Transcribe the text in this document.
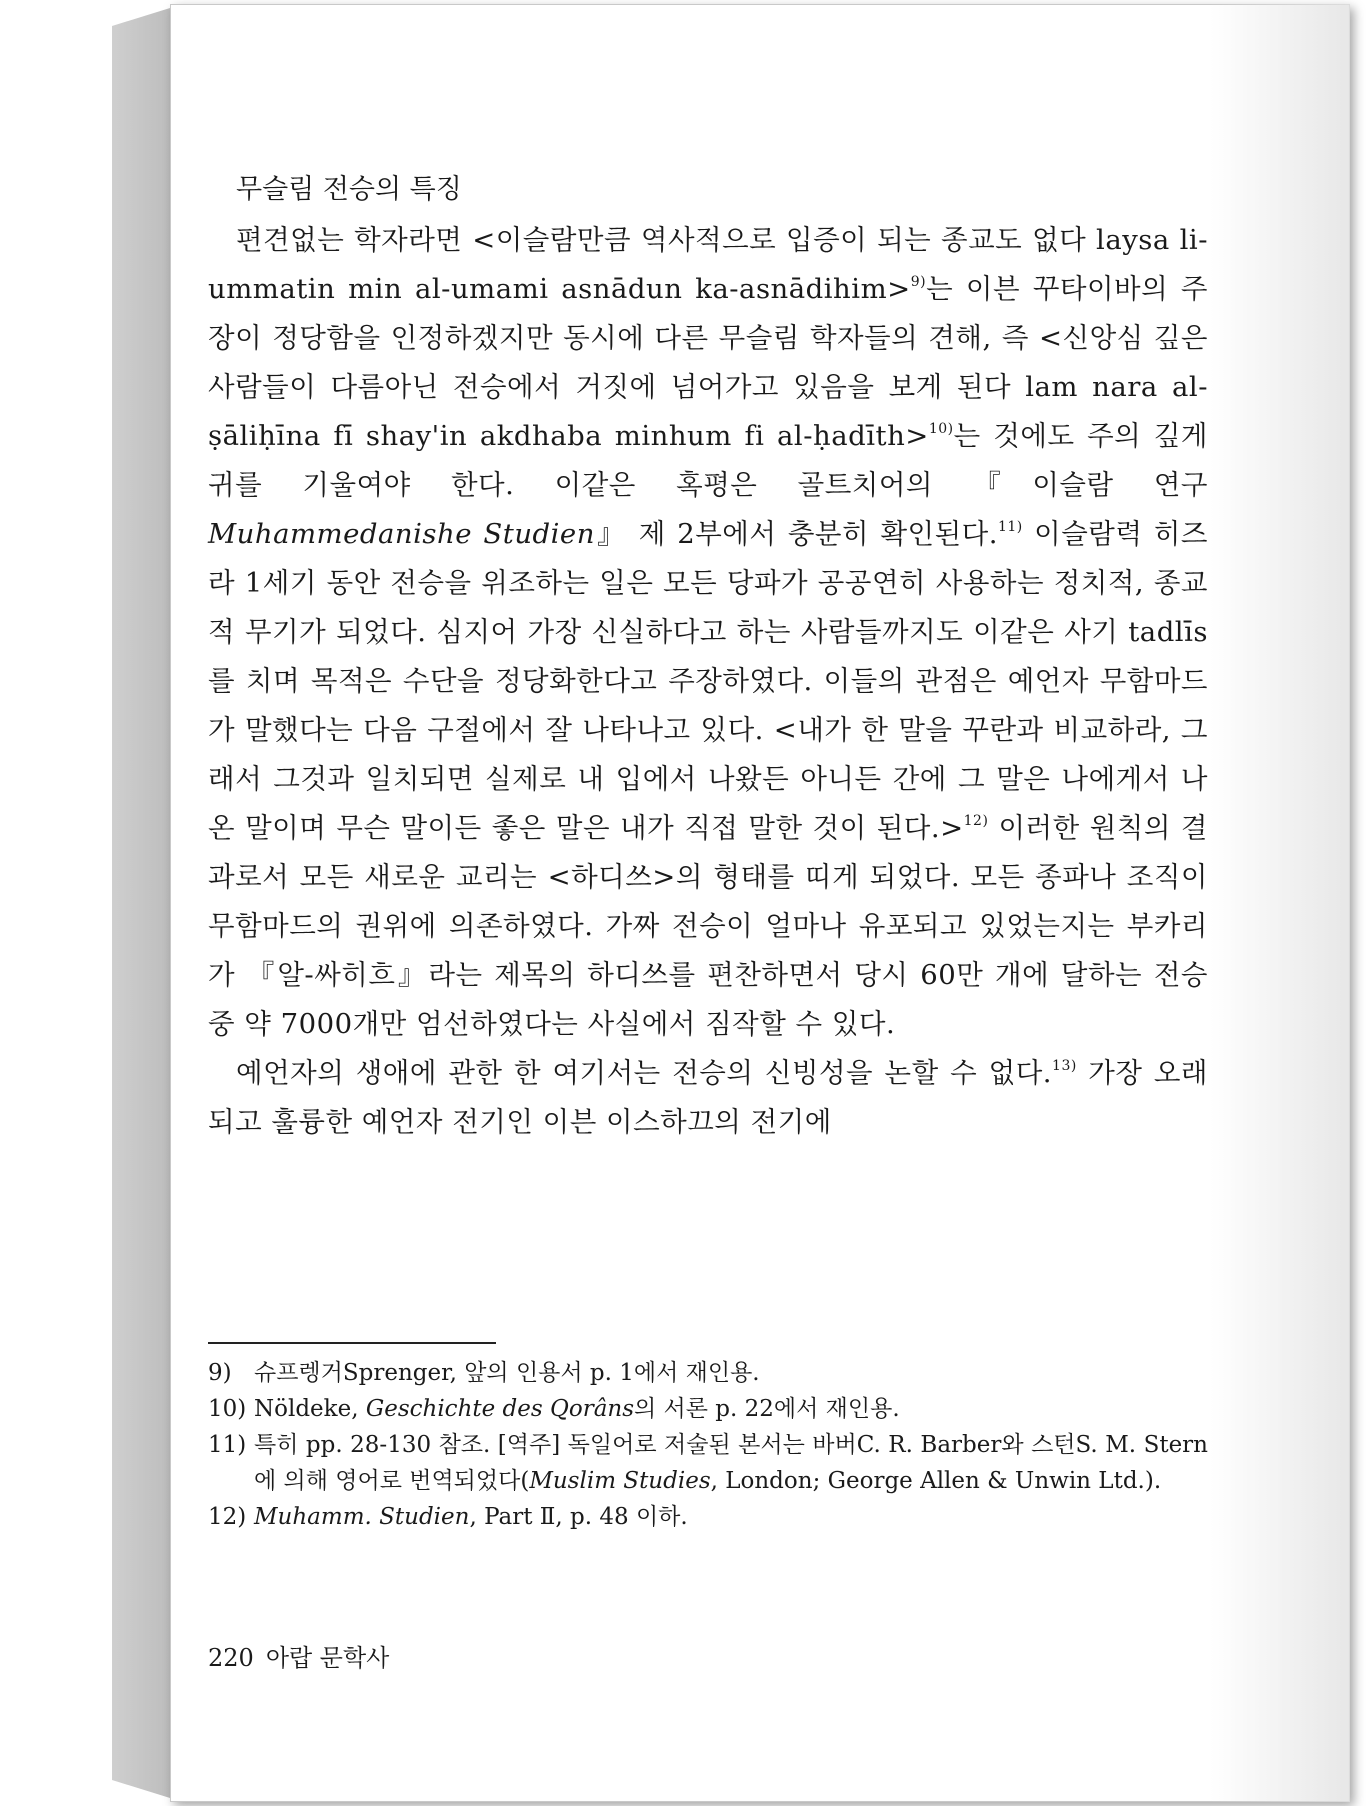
무슬림 전승의 특징

편견없는 학자라면 <이슬람만큼 역사적으로 입증이 되는 종교도 없다 laysa li-ummatin min al-umami asnādun ka-asnādihim>$^{9)}$는 이븐 꾸타이바의 주장이 정당함을 인정하겠지만 동시에 다른 무슬림 학자들의 견해, 즉 <신앙심 깊은 사람들이 다름아닌 전승에서 거짓에 넘어가고 있음을 보게 된다 lam nara al-ṣāliḥīna fī shay'in akdhaba minhum fi al-ḥadīth>$^{10)}$는 것에도 주의 깊게 귀를 기울여야 한다. 이같은 혹평은 골트치어의 『이슬람 연구 Muhammedanishe Studien』 제 2부에서 충분히 확인된다.$^{11)}$ 이슬람력 히즈라 1세기 동안 전승을 위조하는 일은 모든 당파가 공공연히 사용하는 정치적, 종교적 무기가 되었다. 심지어 가장 신실하다고 하는 사람들까지도 이같은 사기 tadlīs를 치며 목적은 수단을 정당화한다고 주장하였다. 이들의 관점은 예언자 무함마드가 말했다는 다음 구절에서 잘 나타나고 있다. <내가 한 말을 꾸란과 비교하라, 그래서 그것과 일치되면 실제로 내 입에서 나왔든 아니든 간에 그 말은 나에게서 나온 말이며 무슨 말이든 좋은 말은 내가 직접 말한 것이 된다.>$^{12)}$ 이러한 원칙의 결과로서 모든 새로운 교리는 <하디쓰>의 형태를 띠게 되었다. 모든 종파나 조직이 무함마드의 권위에 의존하였다. 가짜 전승이 얼마나 유포되고 있었는지는 부카리가 『알-싸히흐』라는 제목의 하디쓰를 편찬하면서 당시 60만 개에 달하는 전승 중 약 7000개만 엄선하였다는 사실에서 짐작할 수 있다.

예언자의 생애에 관한 한 여기서는 전승의 신빙성을 논할 수 없다.$^{13)}$ 가장 오래되고 훌륭한 예언자 전기인 이븐 이스하끄의 전기에

9) 슈프렝거Sprenger, 앞의 인용서 p. 1에서 재인용.
10) Nöldeke, Geschichte des Qorâns의 서론 p. 22에서 재인용.
11) 특히 pp. 28-130 참조. [역주] 독일어로 저술된 본서는 바버C. R. Barber와 스턴S. M. Stern에 의해 영어로 번역되었다(Muslim Studies, London; George Allen & Unwin Ltd.).
12) Muhamm. Studien, Part Ⅱ, p. 48 이하.
220 아랍 문학사
